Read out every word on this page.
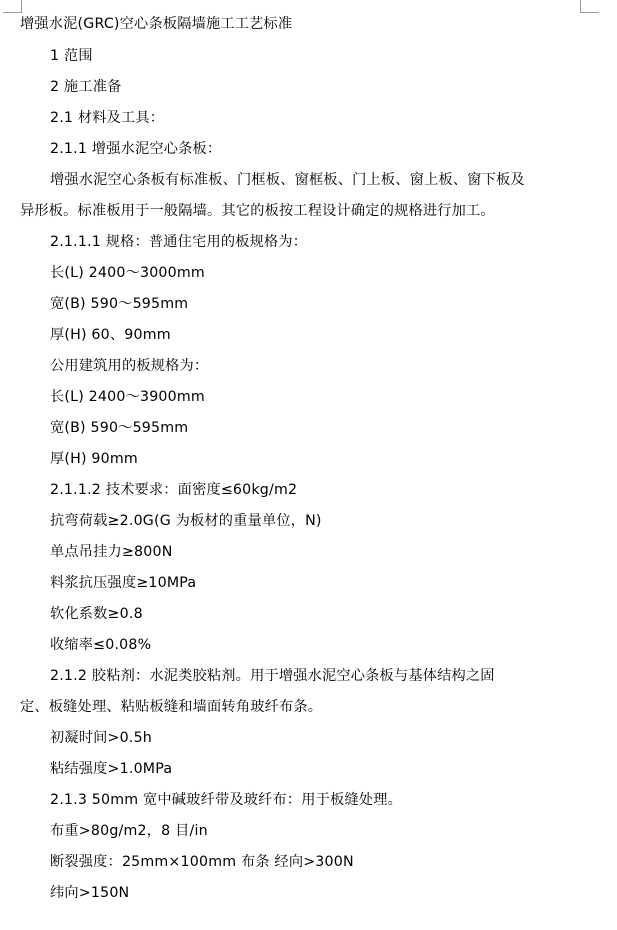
增强水泥(GRC)空心条板隔墙施工工艺标准
1 范围
2 施工准备
2.1 材料及工具：
2.1.1 增强水泥空心条板：
增强水泥空心条板有标准板、门框板、窗框板、门上板、窗上板、窗下板及
异形板。标准板用于一般隔墙。其它的板按工程设计确定的规格进行加工。
2.1.1.1 规格：普通住宅用的板规格为：
长(L) 2400～3000mm
宽(B) 590～595mm
厚(H) 60、90mm
公用建筑用的板规格为：
长(L) 2400～3900mm
宽(B) 590～595mm
厚(H) 90mm
2.1.1.2 技术要求：面密度≤60kg/m2
抗弯荷载≥2.0G(G 为板材的重量单位，N)
单点吊挂力≥800N
料浆抗压强度≥10MPa
软化系数≥0.8
收缩率≤0.08%
2.1.2 胶粘剂：水泥类胶粘剂。用于增强水泥空心条板与基体结构之固
定、板缝处理、粘贴板缝和墙面转角玻纤布条。
初凝时间>0.5h
粘结强度>1.0MPa
2.1.3 50mm 宽中碱玻纤带及玻纤布：用于板缝处理。
布重>80g/m2，8 目/in
断裂强度：25mm×100mm 布条 经向>300N
纬向>150N
